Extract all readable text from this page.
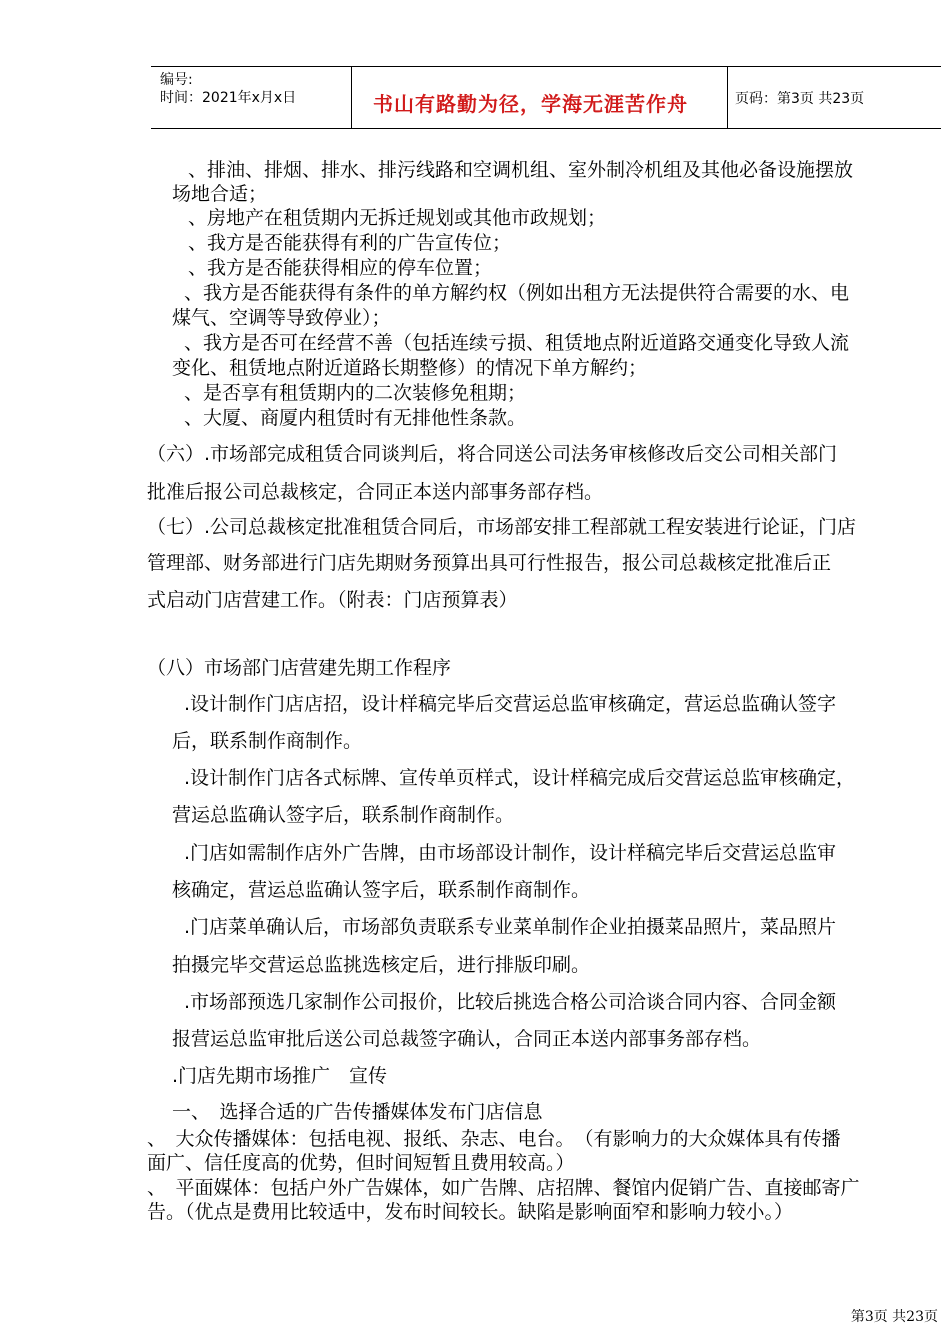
编号:
时间：2021年x月x日	书山有路勤为径，学海无涯苦作舟	页码：第3页 共23页
、排油、排烟、排水、排污线路和空调机组、室外制冷机组及其他必备设施摆放
场地合适；
、房地产在租赁期内无拆迁规划或其他市政规划；
、我方是否能获得有利的广告宣传位；
、我方是否能获得相应的停车位置；
、我方是否能获得有条件的单方解约权（例如出租方无法提供符合需要的水、电
煤气、空调等导致停业）；
、我方是否可在经营不善（包括连续亏损、租赁地点附近道路交通变化导致人流
变化、租赁地点附近道路长期整修）的情况下单方解约；
、是否享有租赁期内的二次装修免租期；
、大厦、商厦内租赁时有无排他性条款。
（六）.市场部完成租赁合同谈判后，将合同送公司法务审核修改后交公司相关部门
批准后报公司总裁核定，合同正本送内部事务部存档。
（七）.公司总裁核定批准租赁合同后，市场部安排工程部就工程安装进行论证，门店
管理部、财务部进行门店先期财务预算出具可行性报告，报公司总裁核定批准后正
式启动门店营建工作。（附表：门店预算表）
（八）市场部门店营建先期工作程序
.设计制作门店店招，设计样稿完毕后交营运总监审核确定，营运总监确认签字
后，联系制作商制作。
.设计制作门店各式标牌、宣传单页样式，设计样稿完成后交营运总监审核确定，
营运总监确认签字后，联系制作商制作。
.门店如需制作店外广告牌，由市场部设计制作，设计样稿完毕后交营运总监审
核确定，营运总监确认签字后，联系制作商制作。
.门店菜单确认后，市场部负责联系专业菜单制作企业拍摄菜品照片，菜品照片
拍摄完毕交营运总监挑选核定后，进行排版印刷。
.市场部预选几家制作公司报价，比较后挑选合格公司洽谈合同内容、合同金额
报营运总监审批后送公司总裁签字确认，合同正本送内部事务部存档。
.门店先期市场推广　宣传
一、　选择合适的广告传播媒体发布门店信息
、　大众传播媒体：包括电视、报纸、杂志、电台。　（有影响力的大众媒体具有传播
面广、信任度高的优势，但时间短暂且费用较高。）
、　平面媒体：包括户外广告媒体，如广告牌、店招牌、餐馆内促销广告、直接邮寄广
告。（优点是费用比较适中，发布时间较长。缺陷是影响面窄和影响力较小。）
第3页 共23页
